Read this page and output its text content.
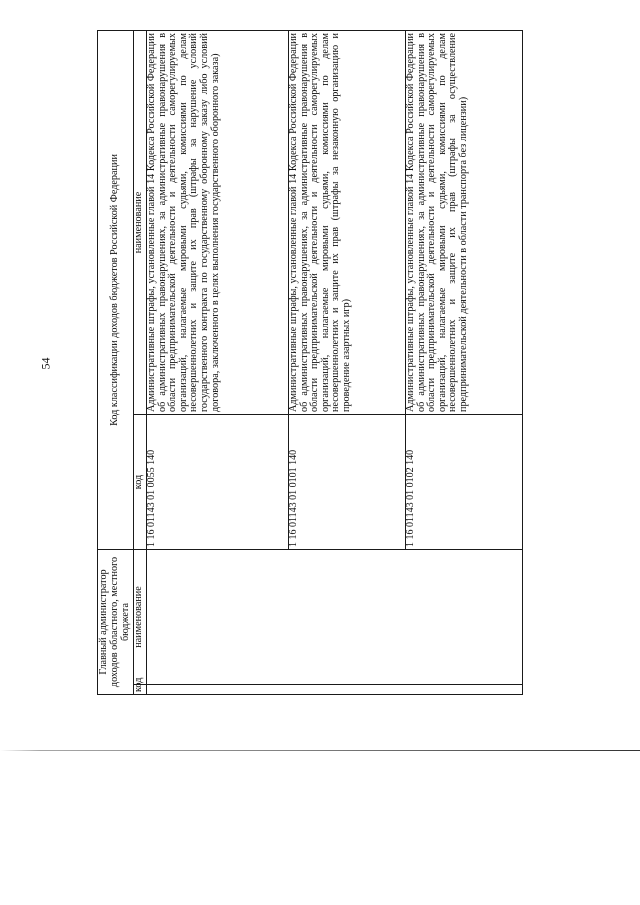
54
Главный администратор доходов областного, местного бюджета		Код классификации доходов бюджетов Российской Федерации	
код	наименование	код	наименование
		1 16 01143 01 0055 140	Административные штрафы, установленные главой 14 Кодекса Российской Федерации об административных правонарушениях, за административные правонарушения в области предпринимательской деятельности и деятельности саморегулируемых организаций, налагаемые мировыми судьями, комиссиями по делам несовершеннолетних и защите их прав (штрафы за нарушение условий государственного контракта по государственному оборонному заказу либо условий договора, заключенного в целях выполнения государственного оборонного заказа)
		1 16 01143 01 0101 140	Административные штрафы, установленные главой 14 Кодекса Российской Федерации об административных правонарушениях, за административные правонарушения в области предпринимательской деятельности и деятельности саморегулируемых организаций, налагаемые мировыми судьями, комиссиями по делам несовершеннолетних и защите их прав (штрафы за незаконную организацию и проведение азартных игр)
		1 16 01143 01 0102 140	Административные штрафы, установленные главой 14 Кодекса Российской Федерации об административных правонарушениях, за административные правонарушения в области предпринимательской деятельности и деятельности саморегулируемых организаций, налагаемые мировыми судьями, комиссиями по делам несовершеннолетних и защите их прав (штрафы за осуществление предпринимательской деятельности в области транспорта без лицензии)
